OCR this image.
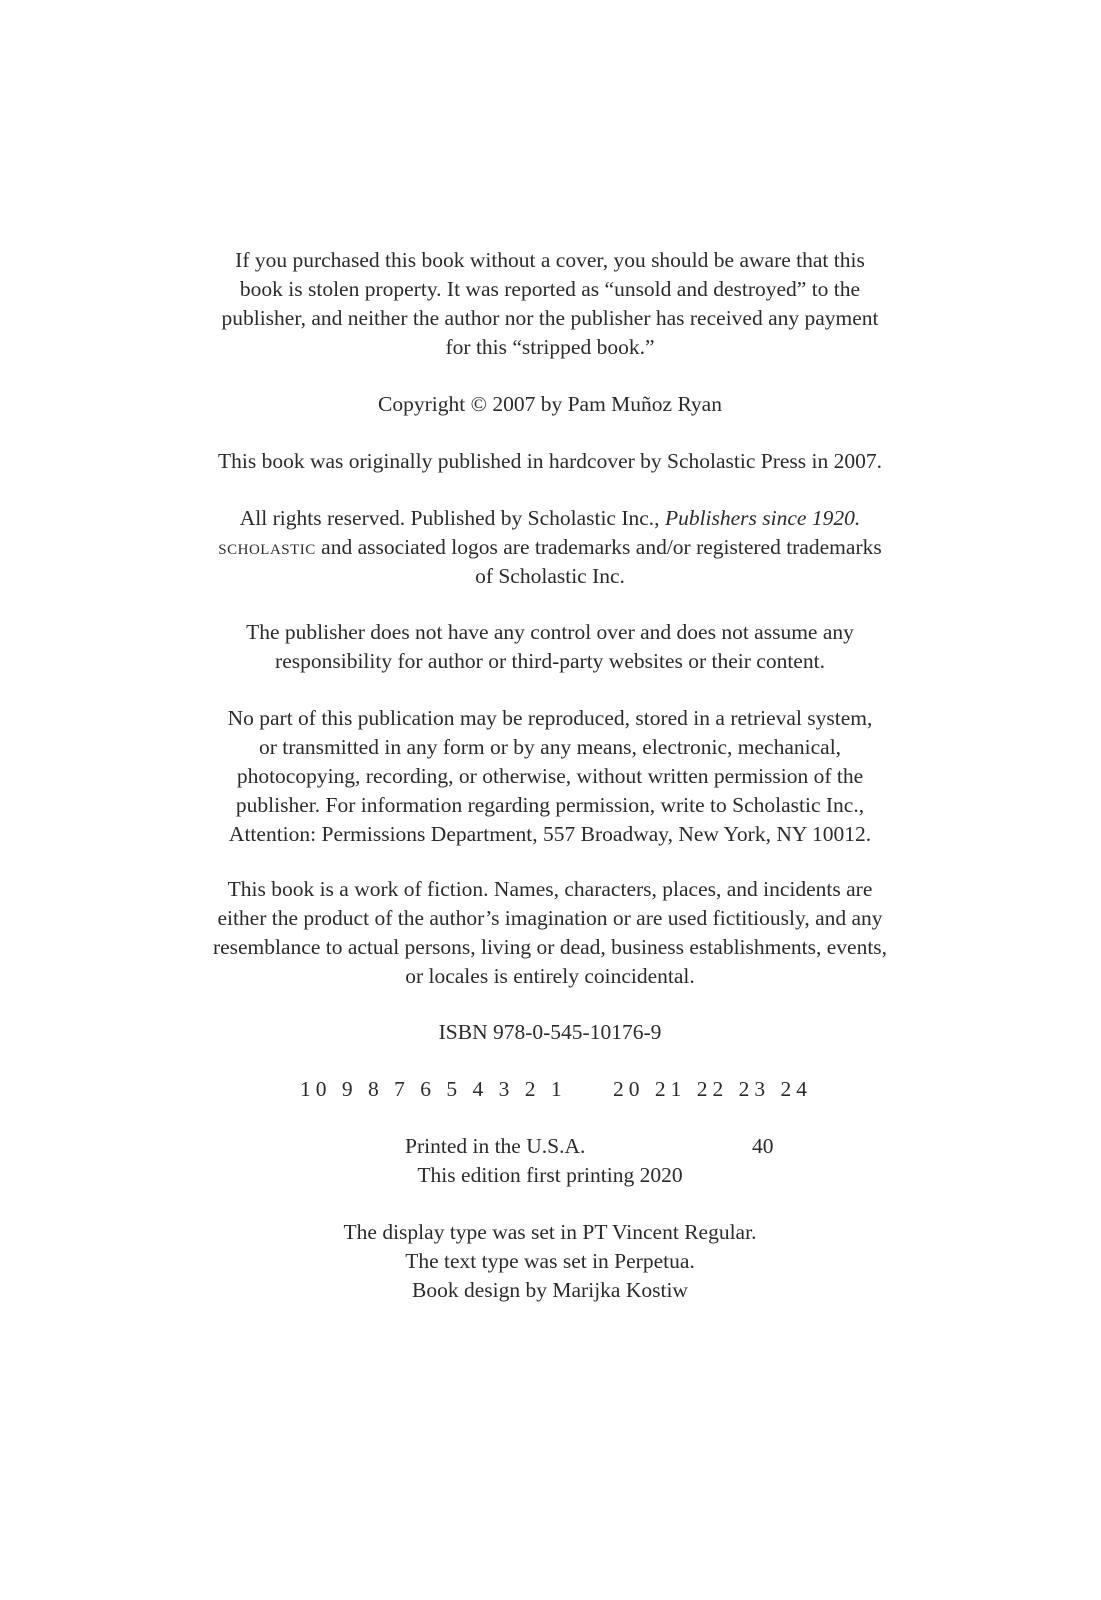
If you purchased this book without a cover, you should be aware that this
book is stolen property. It was reported as “unsold and destroyed” to the
publisher, and neither the author nor the publisher has received any payment
for this “stripped book.”

Copyright © 2007 by Pam Muñoz Ryan

This book was originally published in hardcover by Scholastic Press in 2007.

All rights reserved. Published by Scholastic Inc., Publishers since 1920.
scholastic and associated logos are trademarks and/or registered trademarks
of Scholastic Inc.

The publisher does not have any control over and does not assume any
responsibility for author or third-party websites or their content.

No part of this publication may be reproduced, stored in a retrieval system,
or transmitted in any form or by any means, electronic, mechanical,
photocopying, recording, or otherwise, without written permission of the
publisher. For information regarding permission, write to Scholastic Inc.,
Attention: Permissions Department, 557 Broadway, New York, NY 10012.

This book is a work of fiction. Names, characters, places, and incidents are
either the product of the author’s imagination or are used fictitiously, and any
resemblance to actual persons, living or dead, business establishments, events,
or locales is entirely coincidental.

ISBN 978-0-545-10176-9

10 9 8 7 6 5 4 3 2 1 20 21 22 23 24
Printed in the U.S.A.	40

This edition first printing 2020

The display type was set in PT Vincent Regular.
The text type was set in Perpetua.
Book design by Marijka Kostiw
